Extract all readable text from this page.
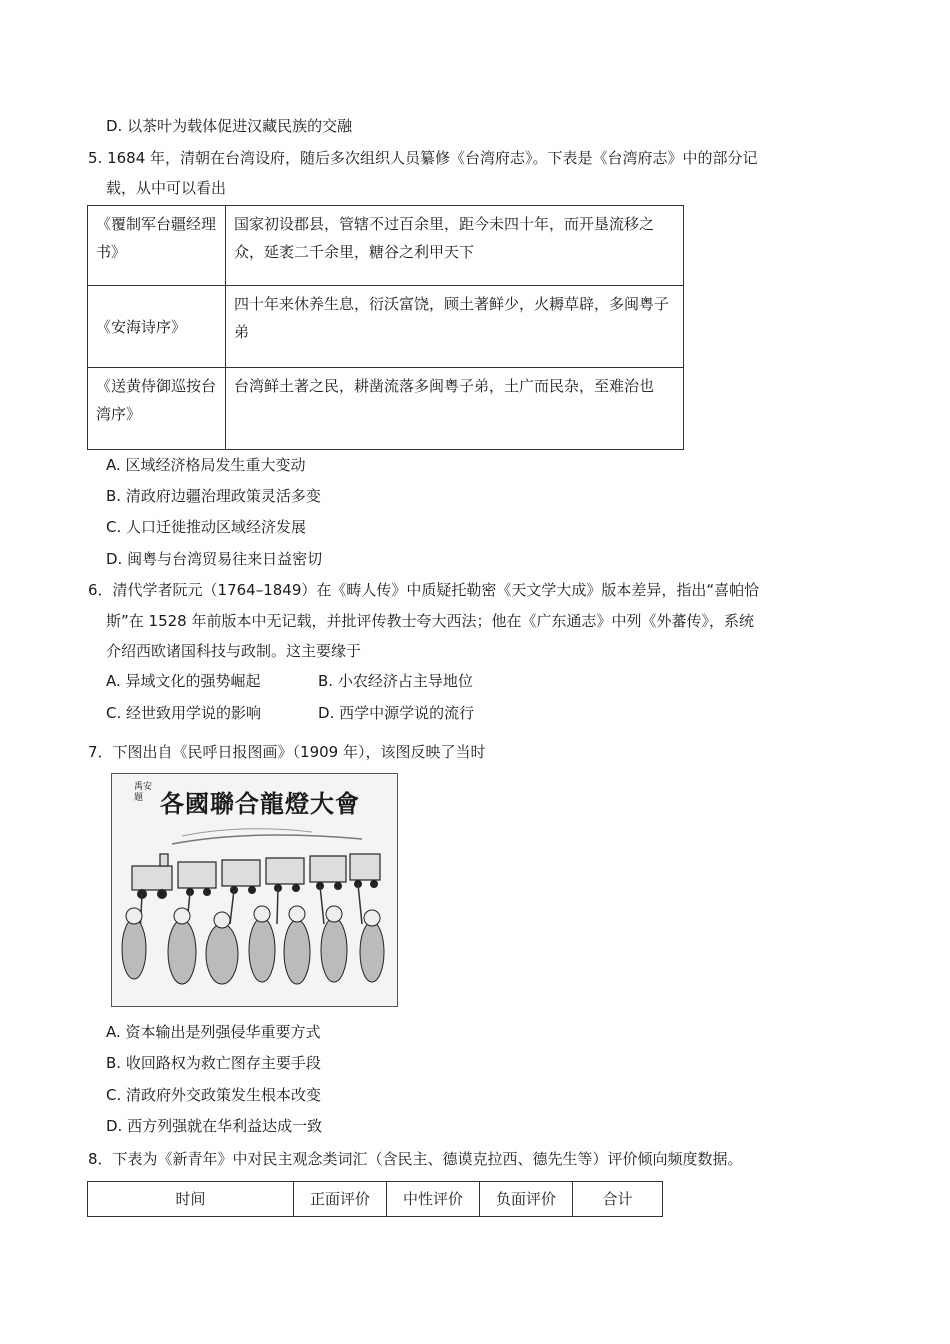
D. 以茶叶为载体促进汉藏民族的交融
5. 1684 年，清朝在台湾设府，随后多次组织人员纂修《台湾府志》。下表是《台湾府志》中的部分记
载，从中可以看出
《覆制军台疆经理书》	国家初设郡县，管辖不过百余里，距今未四十年，而开垦流移之众，延袤二千余里，糖谷之利甲天下
《安海诗序》	四十年来休养生息，衍沃富饶，顾土著鲜少，火耨草辟，多闽粤子弟
《送黄侍御巡按台湾序》	台湾鲜土著之民，耕凿流落多闽粤子弟，土广而民杂，至难治也
A. 区域经济格局发生重大变动
B. 清政府边疆治理政策灵活多变
C. 人口迁徙推动区域经济发展
D. 闽粤与台湾贸易往来日益密切
6．清代学者阮元（1764–1849）在《畴人传》中质疑托勒密《天文学大成》版本差异，指出“喜帕恰
斯”在 1528 年前版本中无记载，并批评传教士夸大西法；他在《广东通志》中列《外蕃传》，系统
介绍西欧诸国科技与政制。这主要缘于
A. 异域文化的强势崛起	B. 小农经济占主导地位
C. 经世致用学说的影响	D. 西学中源学说的流行
7．下图出自《民呼日报图画》（1909 年），该图反映了当时
禹安題 各國聯合龍燈大會
A. 资本输出是列强侵华重要方式
B. 收回路权为救亡图存主要手段
C. 清政府外交政策发生根本改变
D. 西方列强就在华利益达成一致
8．下表为《新青年》中对民主观念类词汇（含民主、德谟克拉西、德先生等）评价倾向频度数据。
时间	正面评价	中性评价	负面评价	合计
